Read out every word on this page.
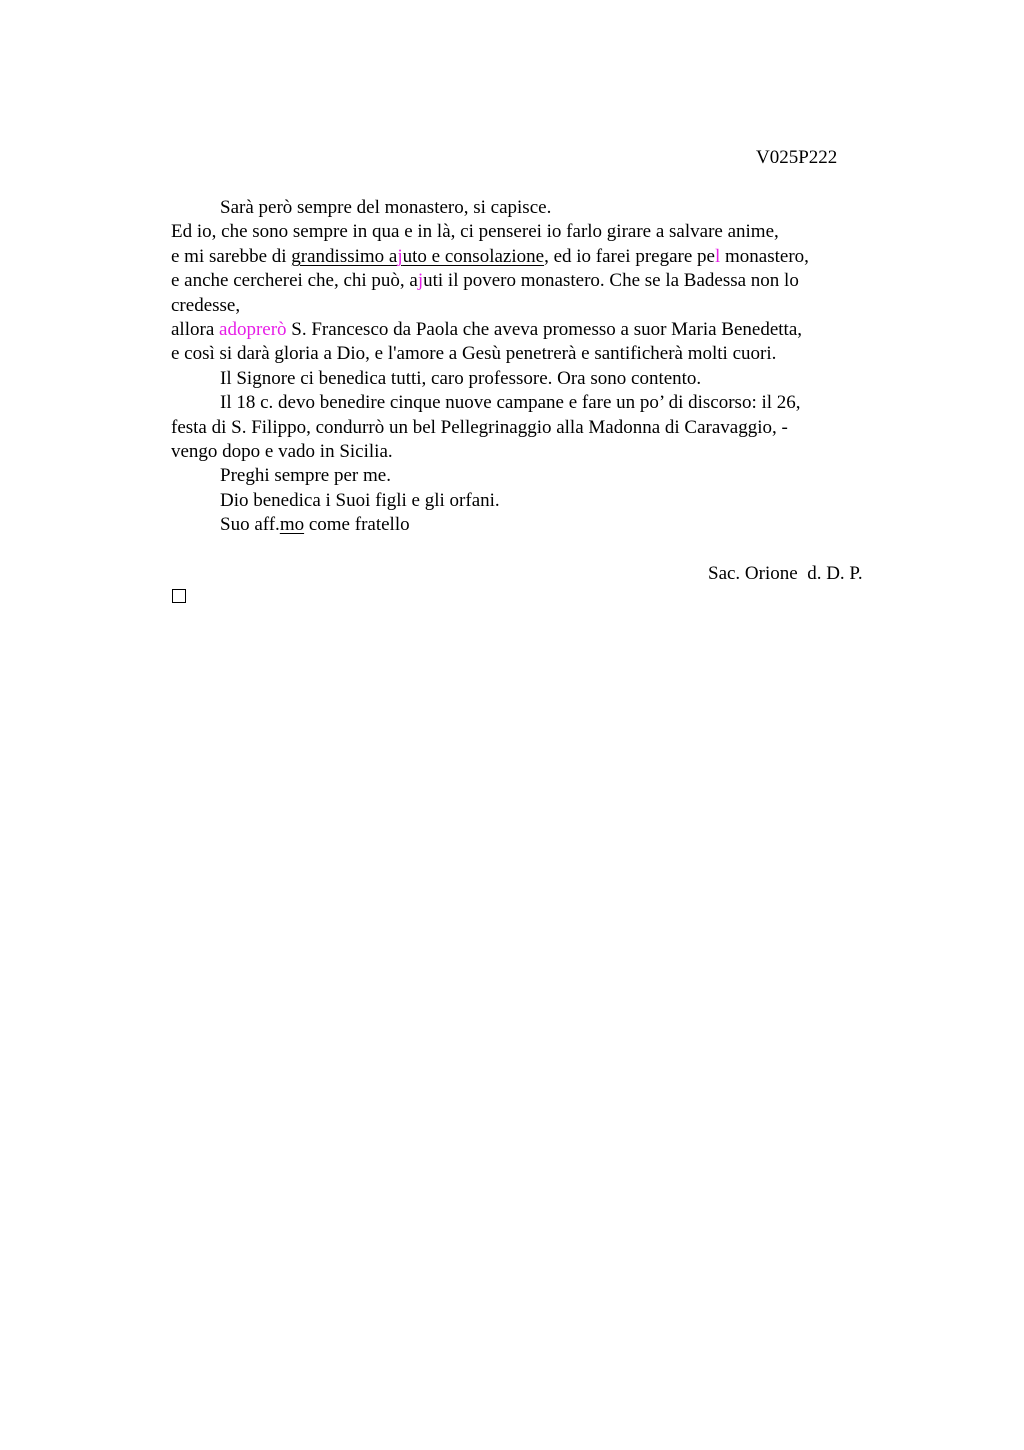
V025P222
Sarà però sempre del monastero, si capisce.
Ed io, che sono sempre in qua e in là, ci penserei io farlo girare a salvare anime,
e mi sarebbe di grandissimo ajuto e consolazione, ed io farei pregare pel monastero,
e anche cercherei che, chi può, ajuti il povero monastero. Che se la Badessa non lo
credesse,
allora adoprerò S. Francesco da Paola che aveva promesso a suor Maria Benedetta,
e così si darà gloria a Dio, e l'amore a Gesù penetrerà e santificherà molti cuori.
Il Signore ci benedica tutti, caro professore. Ora sono contento.
Il 18 c. devo benedire cinque nuove campane e fare un po’ di discorso: il 26,
festa di S. Filippo, condurrò un bel Pellegrinaggio alla Madonna di Caravaggio, -
vengo dopo e vado in Sicilia.
Preghi sempre per me.
Dio benedica i Suoi figli e gli orfani.
Suo aff.mo come fratello
Sac. Orione  d. D. P.
